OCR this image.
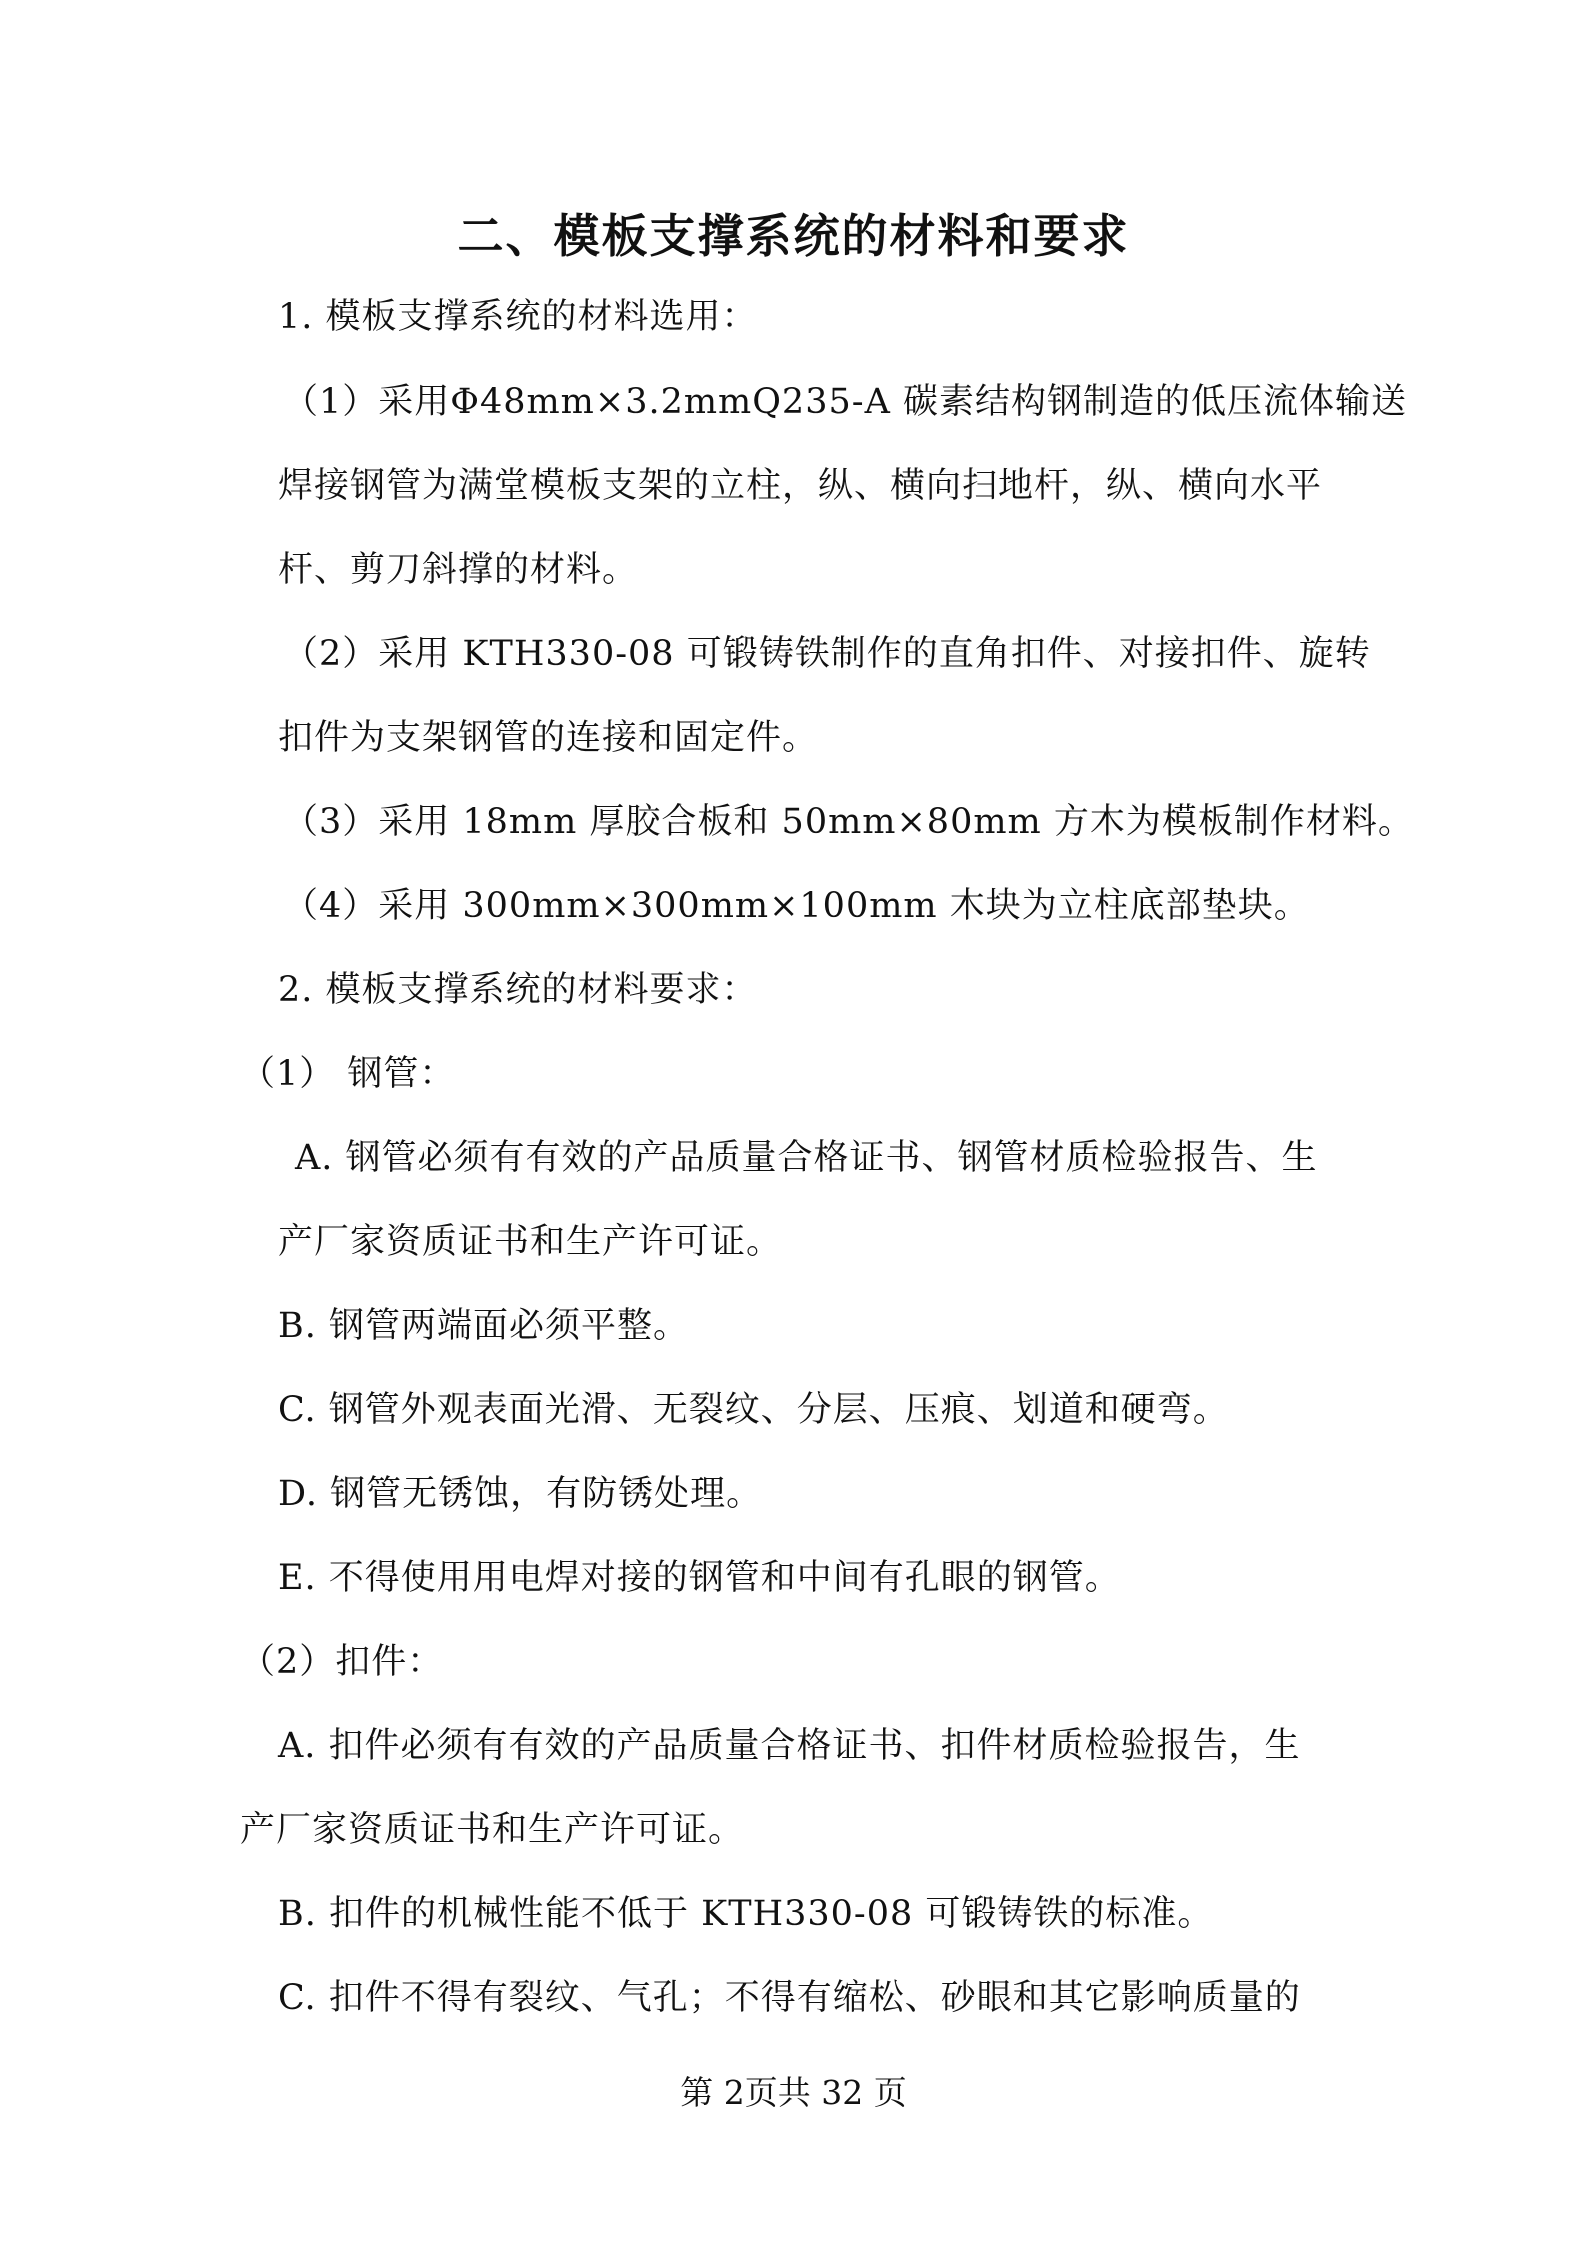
二、模板支撑系统的材料和要求
1. 模板支撑系统的材料选用：
（1）采用Φ48mm×3.2mmQ235-A 碳素结构钢制造的低压流体输送
焊接钢管为满堂模板支架的立柱，纵、横向扫地杆，纵、横向水平
杆、剪刀斜撑的材料。
（2）采用 KTH330-08 可锻铸铁制作的直角扣件、对接扣件、旋转
扣件为支架钢管的连接和固定件。
（3）采用 18mm 厚胶合板和 50mm×80mm 方木为模板制作材料。
（4）采用 300mm×300mm×100mm 木块为立柱底部垫块。
2. 模板支撑系统的材料要求：
（1） 钢管：
A. 钢管必须有有效的产品质量合格证书、钢管材质检验报告、生
产厂家资质证书和生产许可证。
B. 钢管两端面必须平整。
C. 钢管外观表面光滑、无裂纹、分层、压痕、划道和硬弯。
D. 钢管无锈蚀，有防锈处理。
E. 不得使用用电焊对接的钢管和中间有孔眼的钢管。
（2）扣件：
A. 扣件必须有有效的产品质量合格证书、扣件材质检验报告，生
产厂家资质证书和生产许可证。
B. 扣件的机械性能不低于 KTH330-08 可锻铸铁的标准。
C. 扣件不得有裂纹、气孔；不得有缩松、砂眼和其它影响质量的
第 2页共 32 页
